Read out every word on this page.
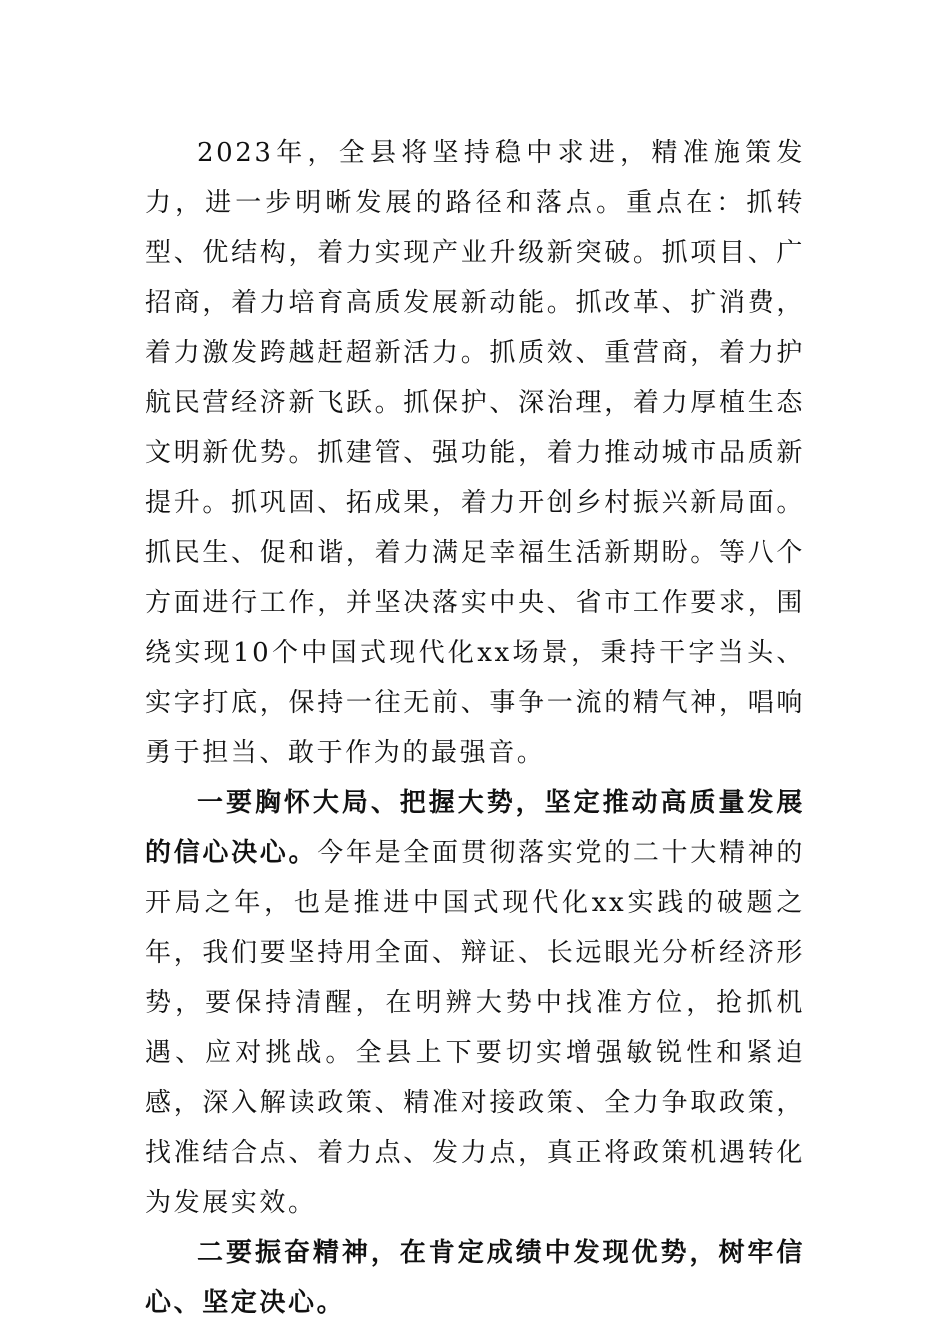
2023年，全县将坚持稳中求进，精准施策发力，进一步明晰发展的路径和落点。重点在：抓转型、优结构，着力实现产业升级新突破。抓项目、广招商，着力培育高质发展新动能。抓改革、扩消费，着力激发跨越赶超新活力。抓质效、重营商，着力护航民营经济新飞跃。抓保护、深治理，着力厚植生态文明新优势。抓建管、强功能，着力推动城市品质新提升。抓巩固、拓成果，着力开创乡村振兴新局面。抓民生、促和谐，着力满足幸福生活新期盼。等八个方面进行工作，并坚决落实中央、省市工作要求，围绕实现10个中国式现代化xx场景，秉持干字当头、实字打底，保持一往无前、事争一流的精气神，唱响勇于担当、敢于作为的最强音。

一要胸怀大局、把握大势，坚定推动高质量发展的信心决心。今年是全面贯彻落实党的二十大精神的开局之年，也是推进中国式现代化xx实践的破题之年，我们要坚持用全面、辩证、长远眼光分析经济形势，要保持清醒，在明辨大势中找准方位，抢抓机遇、应对挑战。全县上下要切实增强敏锐性和紧迫感，深入解读政策、精准对接政策、全力争取政策，找准结合点、着力点、发力点，真正将政策机遇转化为发展实效。

二要振奋精神，在肯定成绩中发现优势，树牢信心、坚定决心。
